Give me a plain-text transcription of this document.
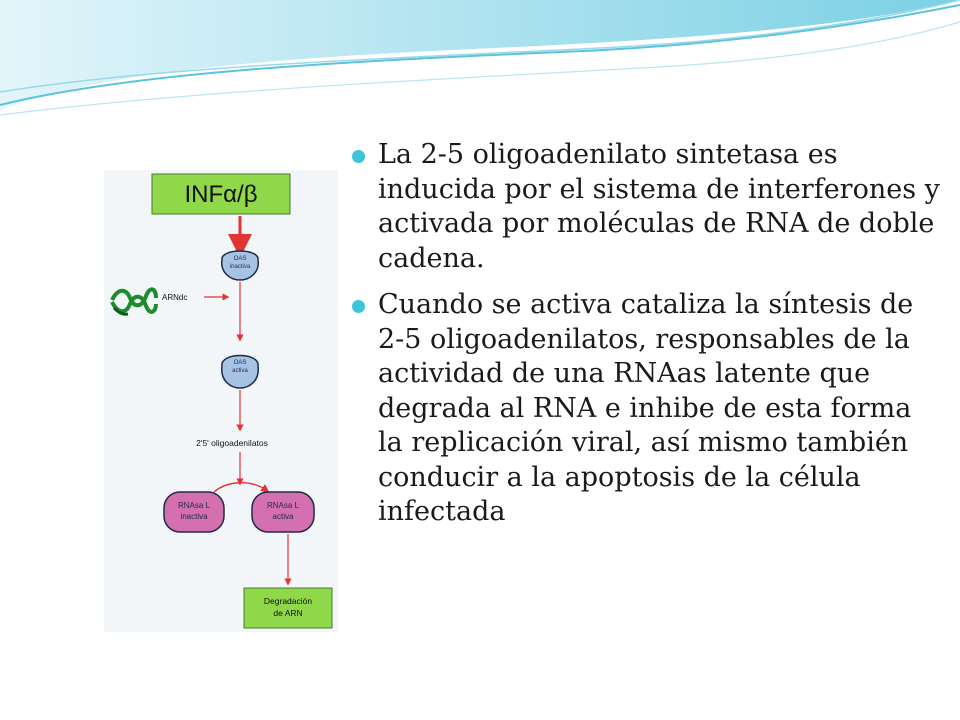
INFα/β
OAS
inactiva
ARNdc
OAS
activa
2'5' oligoadenilatos
RNAsa L
inactiva
RNAsa L
activa
Degradación
de ARN
La 2-5 oligoadenilato sintetasa es inducida por el sistema de interferones y activada por moléculas de RNA de doble cadena.
Cuando se activa cataliza la síntesis de 2-5 oligoadenilatos, responsables de la actividad de una RNAas latente que degrada al RNA e inhibe de esta forma la replicación viral, así mismo también conducir a la apoptosis de la célula infectada
